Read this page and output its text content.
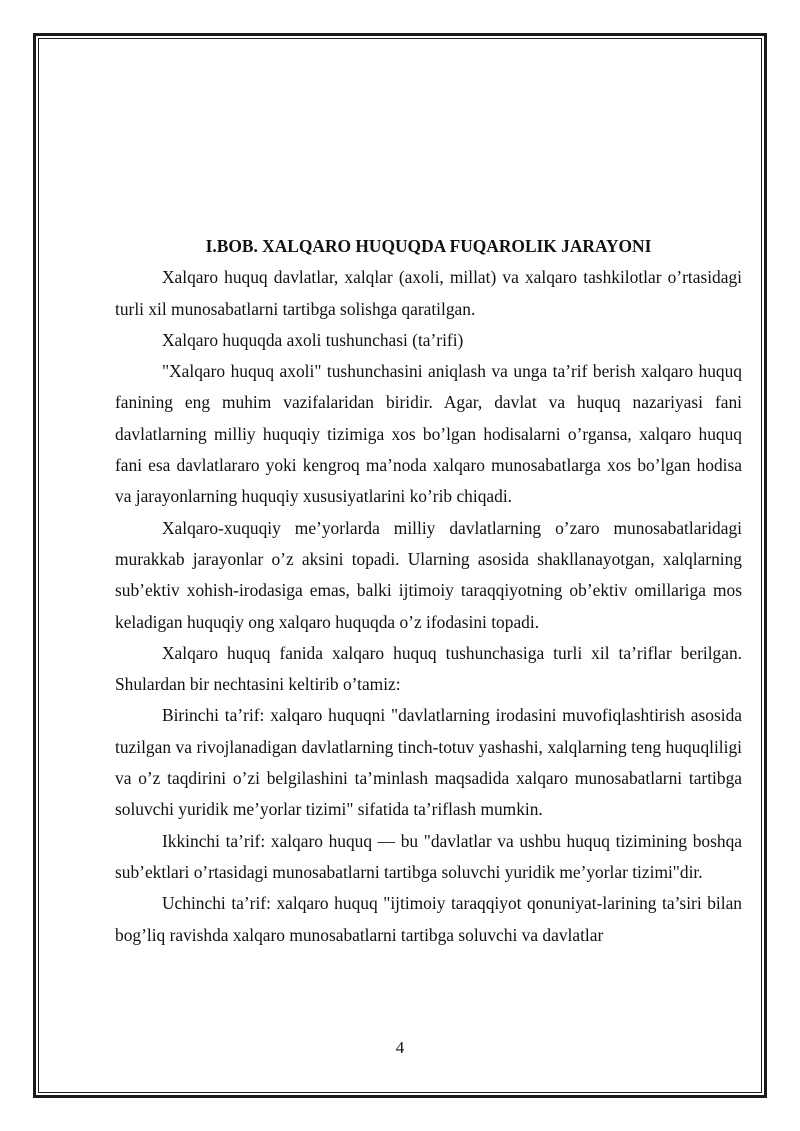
I.BOB. XALQARO HUQUQDA FUQAROLIK JARAYONI

Xalqaro huquq davlatlar, xalqlar (axoli, millat) va xalqaro tashkilotlar o’rtasidagi turli xil munosabatlarni tartibga solishga qaratilgan.

Xalqaro huquqda axoli tushunchasi (ta’rifi)

"Xalqaro huquq axoli" tushunchasini aniqlash va unga ta’rif berish xalqaro huquq fanining eng muhim vazifalaridan biridir. Agar, davlat va huquq nazariyasi fani davlatlarning milliy huquqiy tizimiga xos bo’lgan hodisalarni o’rgansa, xalqaro huquq fani esa davlatlararo yoki kengroq ma’noda xalqaro munosabatlarga xos bo’lgan hodisa va jarayonlarning huquqiy xususiyatlarini ko’rib chiqadi.

Xalqaro-xuquqiy me’yorlarda milliy davlatlarning o’zaro munosabatlaridagi murakkab jarayonlar o’z aksini topadi. Ularning asosida shakllanayotgan, xalqlarning sub’ektiv xohish-irodasiga emas, balki ijtimoiy taraqqiyotning ob’ektiv omillariga mos keladigan huquqiy ong xalqaro huquqda o’z ifodasini topadi.

Xalqaro huquq fanida xalqaro huquq tushunchasiga turli xil ta’riflar berilgan. Shulardan bir nechtasini keltirib o’tamiz:

Birinchi ta’rif: xalqaro huquqni "davlatlarning irodasini muvofiqlashtirish asosida tuzilgan va rivojlanadigan davlatlarning tinch-totuv yashashi, xalqlarning teng huquqliligi va o’z taqdirini o’zi belgilashini ta’minlash maqsadida xalqaro munosabatlarni tartibga soluvchi yuridik me’yorlar tizimi" sifatida ta’riflash mumkin.

Ikkinchi ta’rif: xalqaro huquq — bu "davlatlar va ushbu huquq tizimining boshqa sub’ektlari o’rtasidagi munosabatlarni tartibga soluvchi yuridik me’yorlar tizimi"dir.

Uchinchi ta’rif: xalqaro huquq "ijtimoiy taraqqiyot qonuniyat-larining ta’siri bilan bog’liq ravishda xalqaro munosabatlarni tartibga soluvchi va davlatlar

4
